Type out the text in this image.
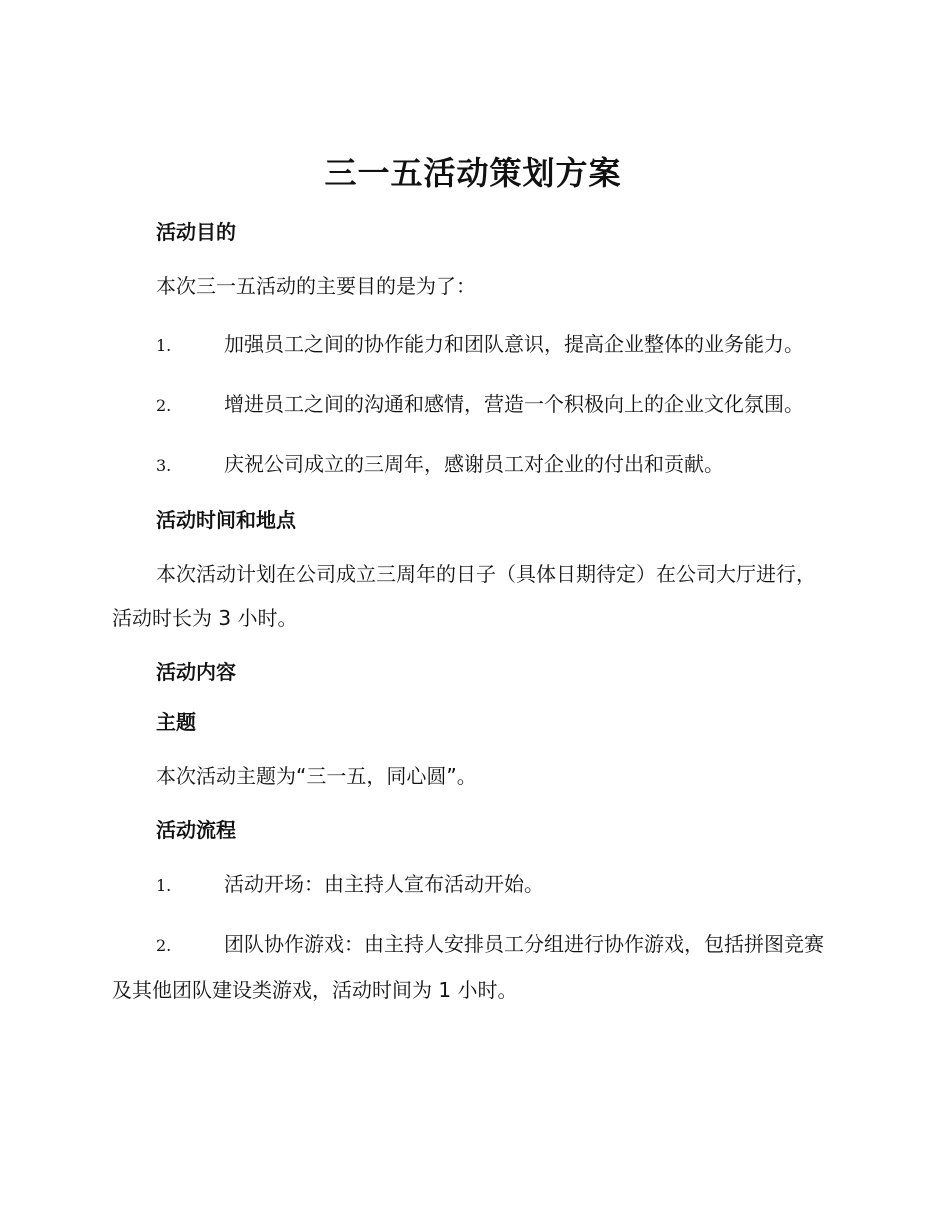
三一五活动策划方案
活动目的

本次三一五活动的主要目的是为了：

1.	加强员工之间的协作能力和团队意识，提高企业整体的业务能力。

2.	增进员工之间的沟通和感情，营造一个积极向上的企业文化氛围。

3.	庆祝公司成立的三周年，感谢员工对企业的付出和贡献。

活动时间和地点

本次活动计划在公司成立三周年的日子（具体日期待定）在公司大厅进行，活动时长为 3 小时。

活动内容
主题

本次活动主题为“三一五，同心圆”。

活动流程

1.	活动开场：由主持人宣布活动开始。

2.	团队协作游戏：由主持人安排员工分组进行协作游戏，包括拼图竞赛及其他团队建设类游戏，活动时间为 1 小时。
